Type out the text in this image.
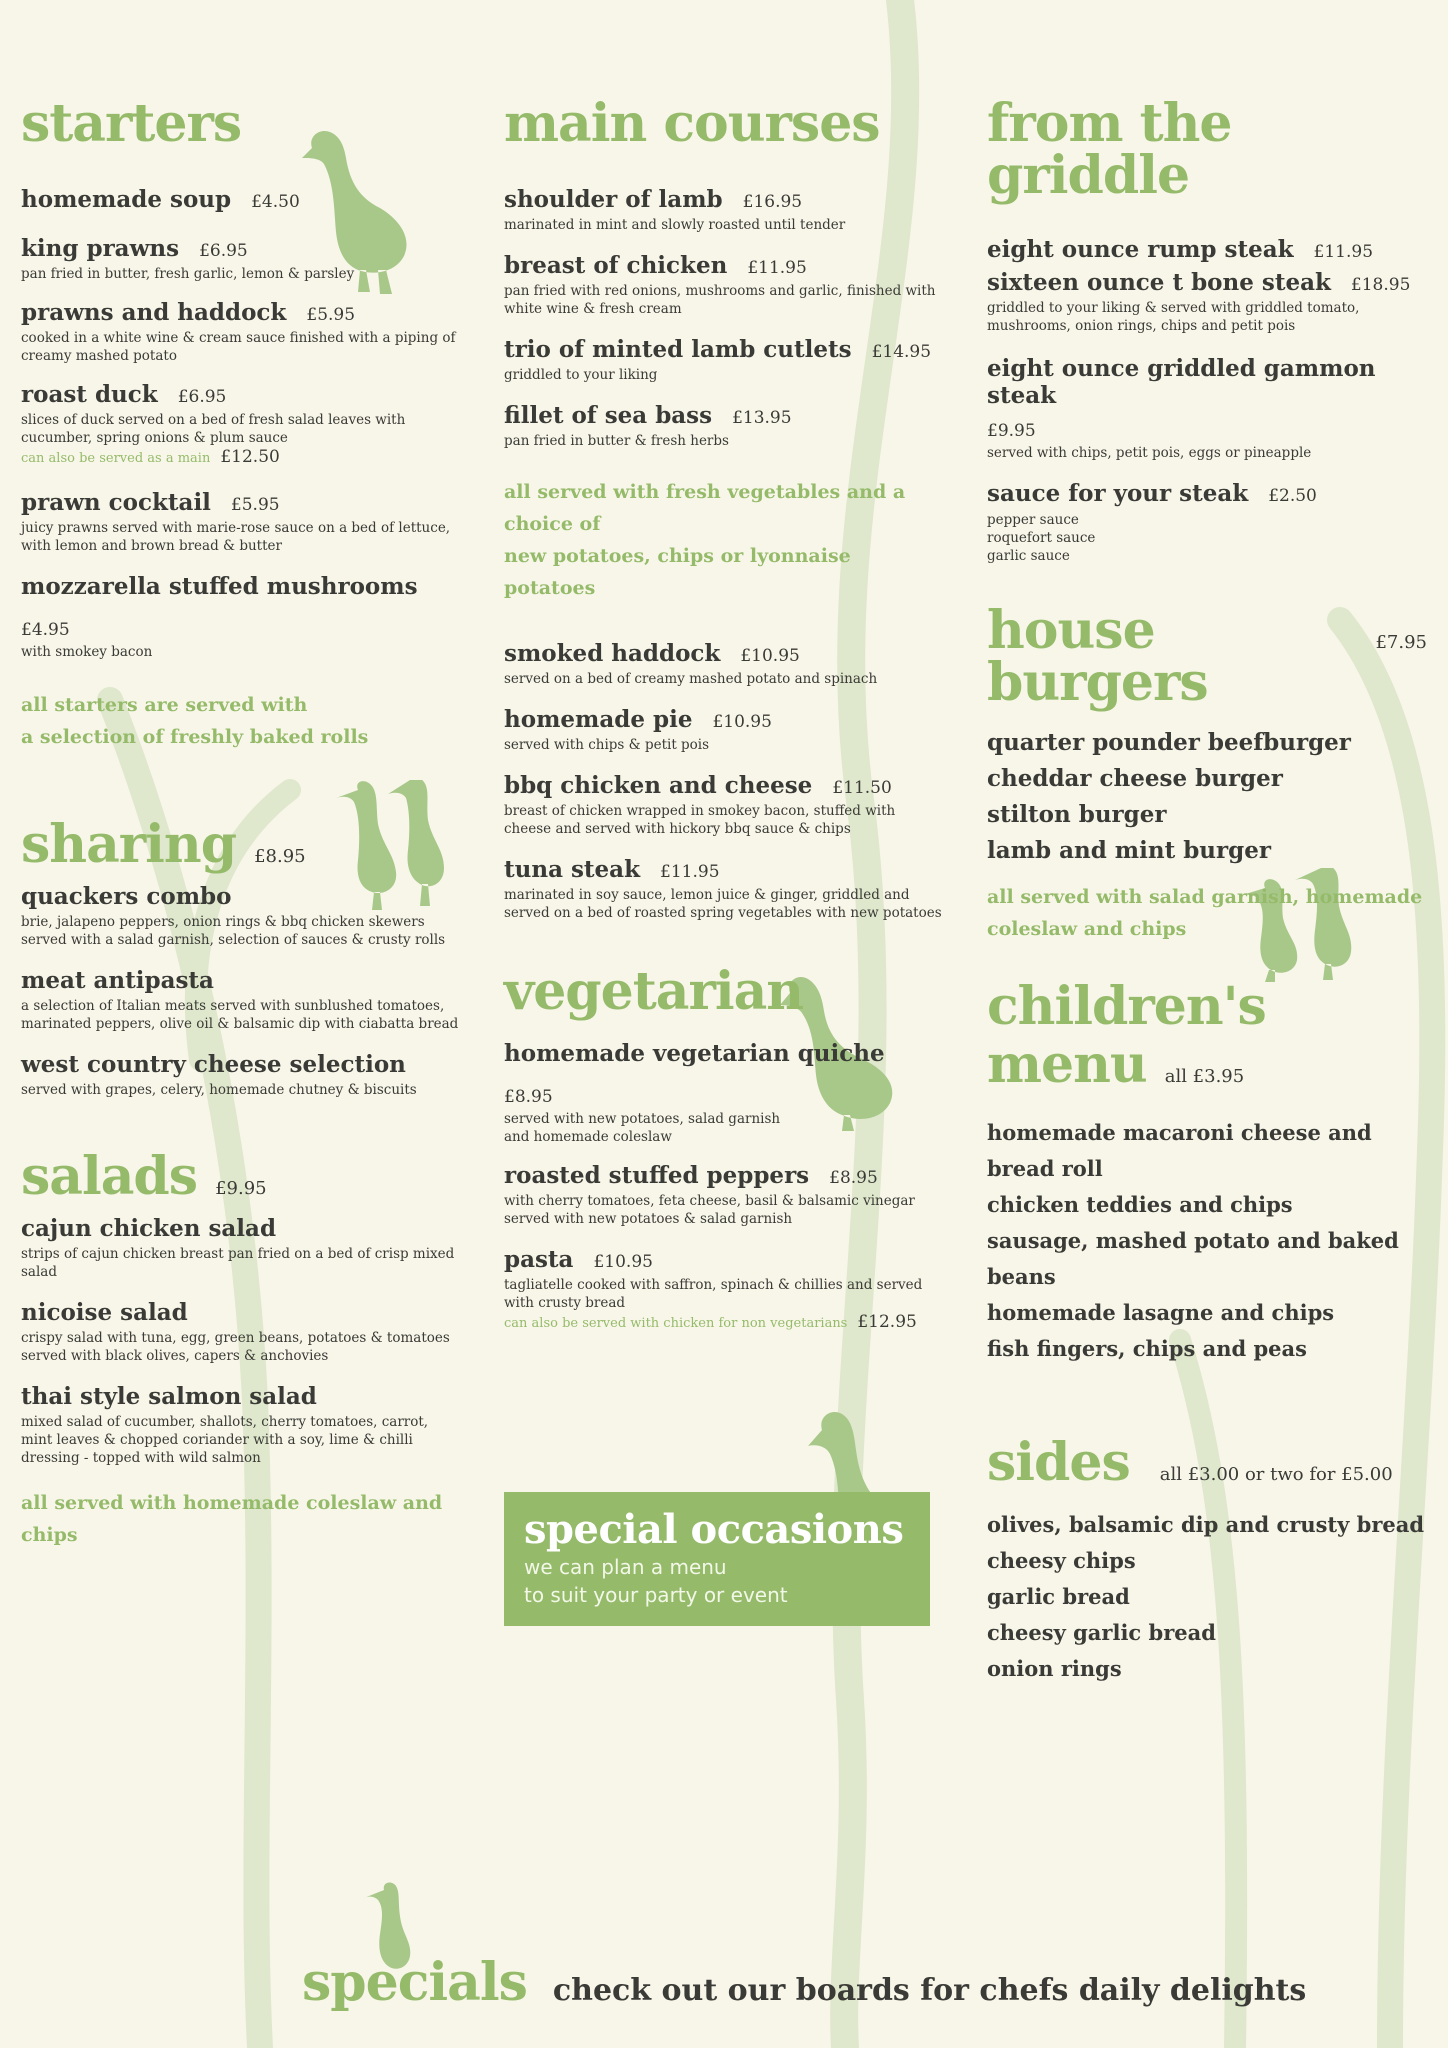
starters
homemade soup £4.50
king prawns £6.95
pan fried in butter, fresh garlic, lemon & parsley
prawns and haddock £5.95
cooked in a white wine & cream sauce finished with a piping of creamy mashed potato
roast duck £6.95
slices of duck served on a bed of fresh salad leaves with cucumber, spring onions & plum sauce
can also be served as a main £12.50
prawn cocktail £5.95
juicy prawns served with marie-rose sauce on a bed of lettuce, with lemon and brown bread & butter
mozzarella stuffed mushrooms
£4.95
with smokey bacon
all starters are served with
a selection of freshly baked rolls
sharing £8.95
quackers combo
brie, jalapeno peppers, onion rings & bbq chicken skewers served with a salad garnish, selection of sauces & crusty rolls
meat antipasta
a selection of Italian meats served with sunblushed tomatoes, marinated peppers, olive oil & balsamic dip with ciabatta bread
west country cheese selection
served with grapes, celery, homemade chutney & biscuits
salads £9.95
cajun chicken salad
strips of cajun chicken breast pan fried on a bed of crisp mixed salad
nicoise salad
crispy salad with tuna, egg, green beans, potatoes & tomatoes served with black olives, capers & anchovies
thai style salmon salad
mixed salad of cucumber, shallots, cherry tomatoes, carrot, mint leaves & chopped coriander with a soy, lime & chilli dressing - topped with wild salmon
all served with homemade coleslaw and chips
main courses
shoulder of lamb £16.95
marinated in mint and slowly roasted until tender
breast of chicken £11.95
pan fried with red onions, mushrooms and garlic, finished with white wine & fresh cream
trio of minted lamb cutlets £14.95
griddled to your liking
fillet of sea bass £13.95
pan fried in butter & fresh herbs
all served with fresh vegetables and a choice of
new potatoes, chips or lyonnaise potatoes
smoked haddock £10.95
served on a bed of creamy mashed potato and spinach
homemade pie £10.95
served with chips & petit pois
bbq chicken and cheese £11.50
breast of chicken wrapped in smokey bacon, stuffed with cheese and served with hickory bbq sauce & chips
tuna steak £11.95
marinated in soy sauce, lemon juice & ginger, griddled and served on a bed of roasted spring vegetables with new potatoes
vegetarian
homemade vegetarian quiche
£8.95
served with new potatoes, salad garnish and homemade coleslaw
roasted stuffed peppers £8.95
with cherry tomatoes, feta cheese, basil & balsamic vinegar served with new potatoes & salad garnish
pasta £10.95
tagliatelle cooked with saffron, spinach & chillies and served with crusty bread
can also be served with chicken for non vegetarians £12.95
special occasions
we can plan a menu
to suit your party or event
from the griddle
eight ounce rump steak £11.95
sixteen ounce t bone steak £18.95
griddled to your liking & served with griddled tomato, mushrooms, onion rings, chips and petit pois
eight ounce griddled gammon steak
£9.95
served with chips, petit pois, eggs or pineapple
sauce for your steak £2.50
pepper sauce
roquefort sauce
garlic sauce
house burgers
£7.95
quarter pounder beefburger
cheddar cheese burger
stilton burger
lamb and mint burger
all served with salad garnish, homemade
coleslaw and chips
children's
menu all £3.95
homemade macaroni cheese and bread roll
chicken teddies and chips
sausage, mashed potato and baked beans
homemade lasagne and chips
fish fingers, chips and peas
sides all £3.00 or two for £5.00
olives, balsamic dip and crusty bread
cheesy chips
garlic bread
cheesy garlic bread
onion rings
specials check out our boards for chefs daily delights
